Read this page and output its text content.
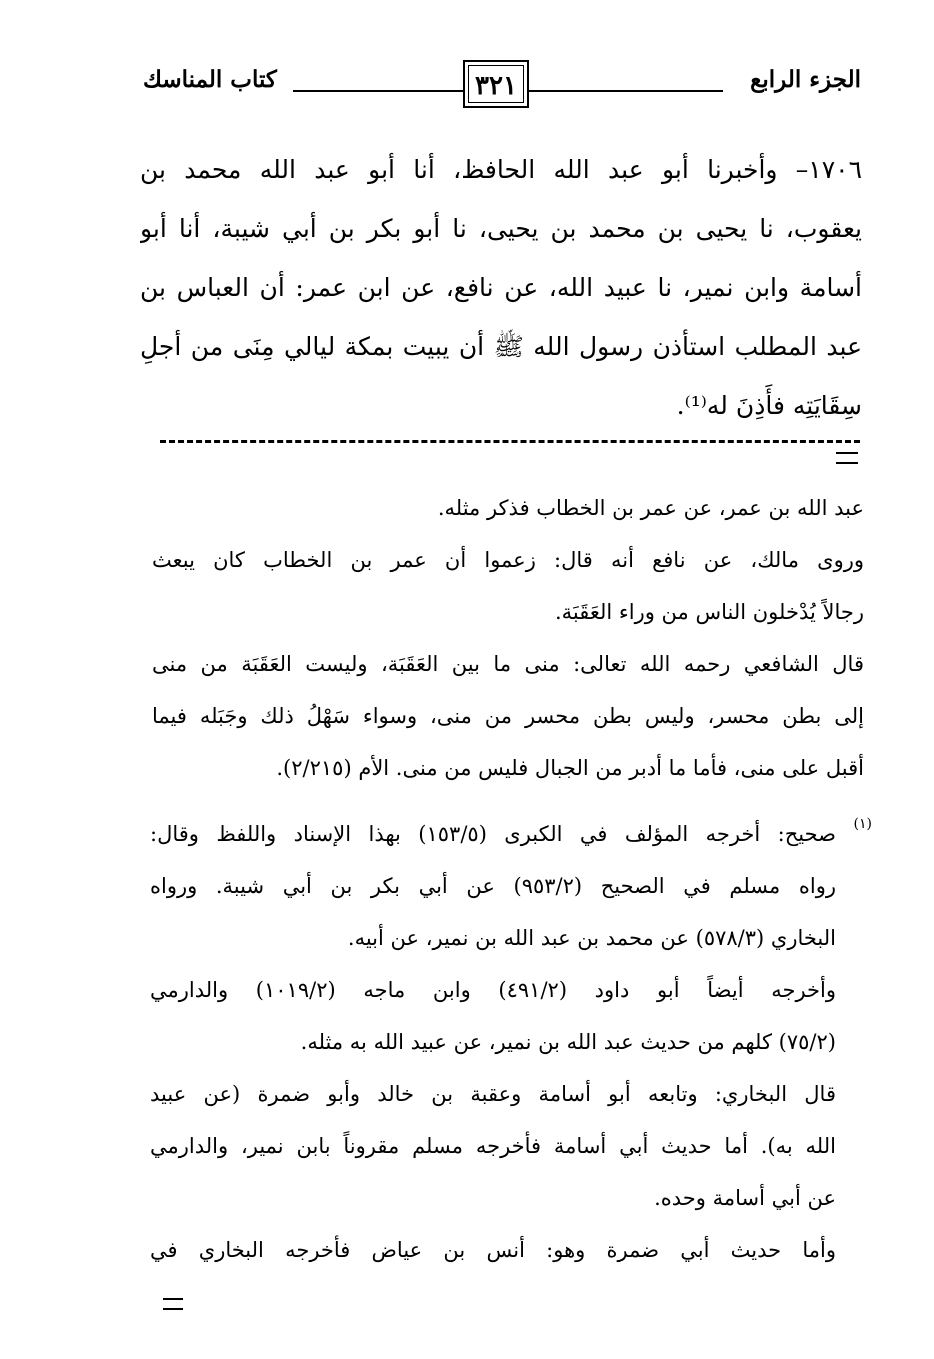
الجزء الرابع
٣٢١
كتاب المناسك
١٧٠٦– وأخبرنا أبو عبد الله الحافظ، أنا أبو عبد الله محمد بن
يعقوب، نا يحيى بن محمد بن يحيى، نا أبو بكر بن أبي شيبة، أنا أبو
أسامة وابن نمير، نا عبيد الله، عن نافع، عن ابن عمر: أن العباس بن
عبد المطلب استأذن رسول الله ﷺ أن يبيت بمكة ليالي مِنَى من أجلِ
سِقَايَتِه فأَذِنَ له⁽¹⁾.
عبد الله بن عمر، عن عمر بن الخطاب فذكر مثله.
وروى مالك، عن نافع أنه قال: زعموا أن عمر بن الخطاب كان يبعث
رجالاً يُدْخلون الناس من وراء العَقَبَة.
قال الشافعي رحمه الله تعالى: منى ما بين العَقَبَة، وليست العَقَبَة من منى
إلى بطن محسر، وليس بطن محسر من منى، وسواء سَهْلُ ذلك وجَبَله فيما
أقبل على منى، فأما ما أدبر من الجبال فليس من منى. الأم (٢/٢١٥).
(١)
صحيح: أخرجه المؤلف في الكبرى (١٥٣/٥) بهذا الإسناد واللفظ وقال:
رواه مسلم في الصحيح (٩٥٣/٢) عن أبي بكر بن أبي شيبة. ورواه
البخاري (٥٧٨/٣) عن محمد بن عبد الله بن نمير، عن أبيه.
وأخرجه أيضاً أبو داود (٤٩١/٢) وابن ماجه (١٠١٩/٢) والدارمي
(٧٥/٢) كلهم من حديث عبد الله بن نمير، عن عبيد الله به مثله.
قال البخاري: وتابعه أبو أسامة وعقبة بن خالد وأبو ضمرة (عن عبيد
الله به). أما حديث أبي أسامة فأخرجه مسلم مقروناً بابن نمير، والدارمي
عن أبي أسامة وحده.
وأما حديث أبي ضمرة وهو: أنس بن عياض فأخرجه البخاري في
